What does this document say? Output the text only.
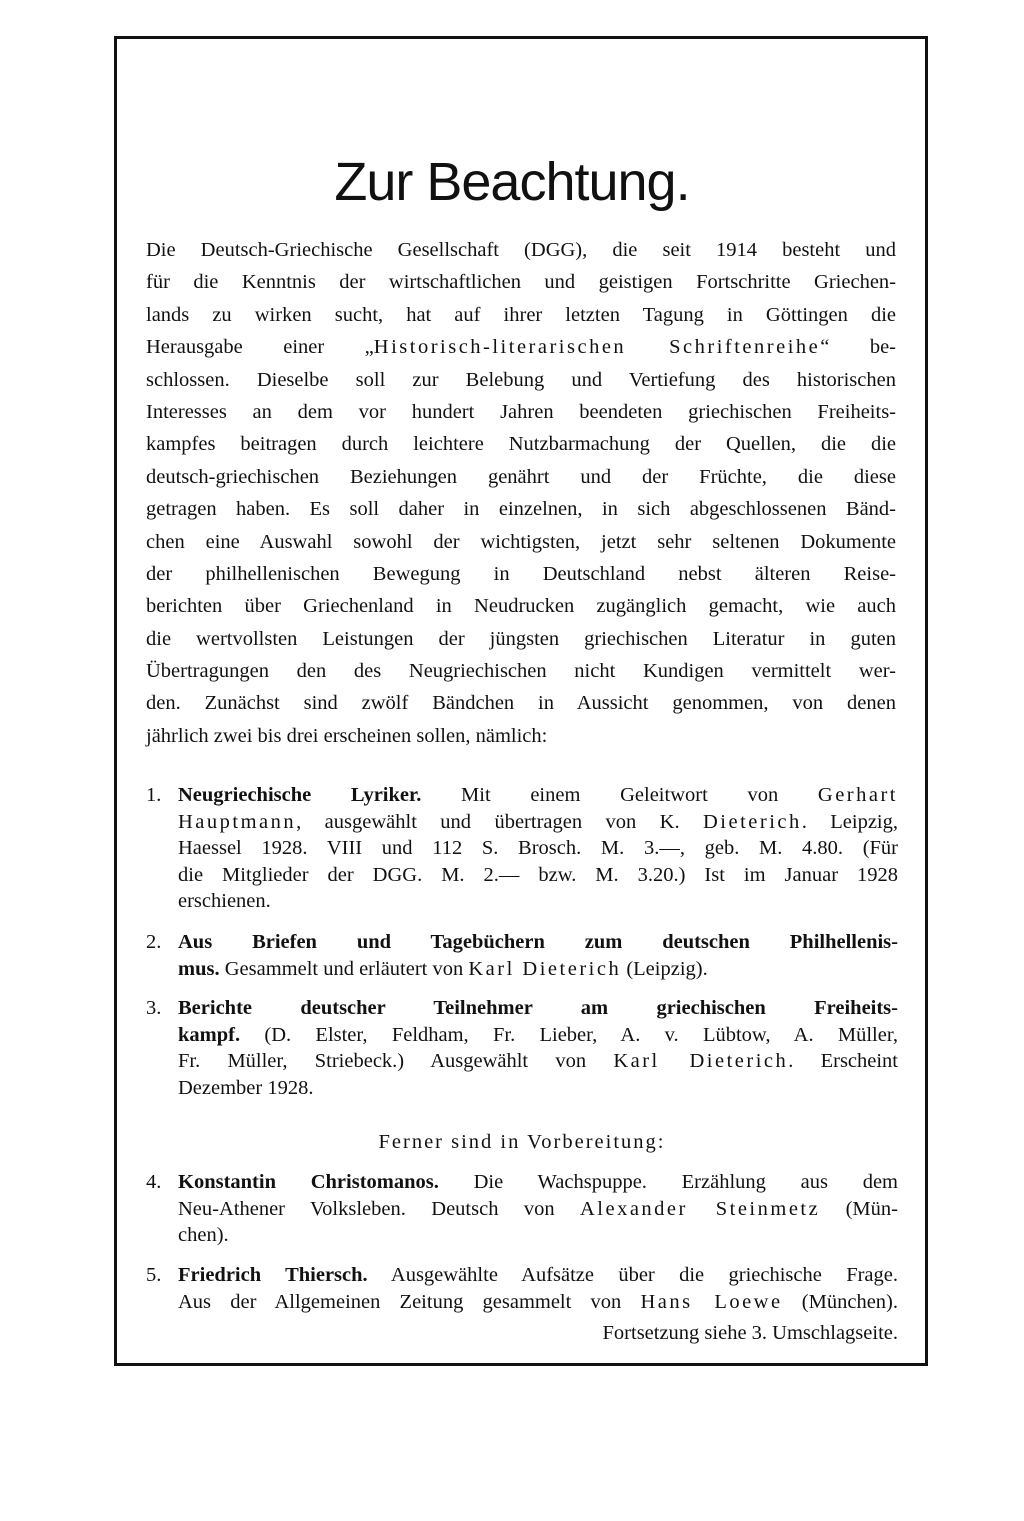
Zur Beachtung.
Die Deutsch-Griechische Gesellschaft (DGG), die seit 1914 besteht und
für die Kenntnis der wirtschaftlichen und geistigen Fortschritte Griechen-
lands zu wirken sucht, hat auf ihrer letzten Tagung in Göttingen die
Herausgabe einer „Historisch-literarischen Schriftenreihe“ be-
schlossen. Dieselbe soll zur Belebung und Vertiefung des historischen
Interesses an dem vor hundert Jahren beendeten griechischen Freiheits-
kampfes beitragen durch leichtere Nutzbarmachung der Quellen, die die
deutsch-griechischen Beziehungen genährt und der Früchte, die diese
getragen haben. Es soll daher in einzelnen, in sich abgeschlossenen Bänd-
chen eine Auswahl sowohl der wichtigsten, jetzt sehr seltenen Dokumente
der philhellenischen Bewegung in Deutschland nebst älteren Reise-
berichten über Griechenland in Neudrucken zugänglich gemacht, wie auch
die wertvollsten Leistungen der jüngsten griechischen Literatur in guten
Übertragungen den des Neugriechischen nicht Kundigen vermittelt wer-
den. Zunächst sind zwölf Bändchen in Aussicht genommen, von denen
jährlich zwei bis drei erscheinen sollen, nämlich:
1. Neugriechische Lyriker. Mit einem Geleitwort von Gerhart
Hauptmann, ausgewählt und übertragen von K. Dieterich. Leipzig,
Haessel 1928. VIII und 112 S. Brosch. M. 3.—, geb. M. 4.80. (Für
die Mitglieder der DGG. M. 2.— bzw. M. 3.20.) Ist im Januar 1928
erschienen.
2. Aus Briefen und Tagebüchern zum deutschen Philhellenis-
mus. Gesammelt und erläutert von Karl Dieterich (Leipzig).
3. Berichte deutscher Teilnehmer am griechischen Freiheits-
kampf. (D. Elster, Feldham, Fr. Lieber, A. v. Lübtow, A. Müller,
Fr. Müller, Striebeck.) Ausgewählt von Karl Dieterich. Erscheint
Dezember 1928.
Ferner sind in Vorbereitung:
4. Konstantin Christomanos. Die Wachspuppe. Erzählung aus dem
Neu-Athener Volksleben. Deutsch von Alexander Steinmetz (Mün-
chen).
5. Friedrich Thiersch. Ausgewählte Aufsätze über die griechische Frage.
Aus der Allgemeinen Zeitung gesammelt von Hans Loewe (München).
Fortsetzung siehe 3. Umschlagseite.
